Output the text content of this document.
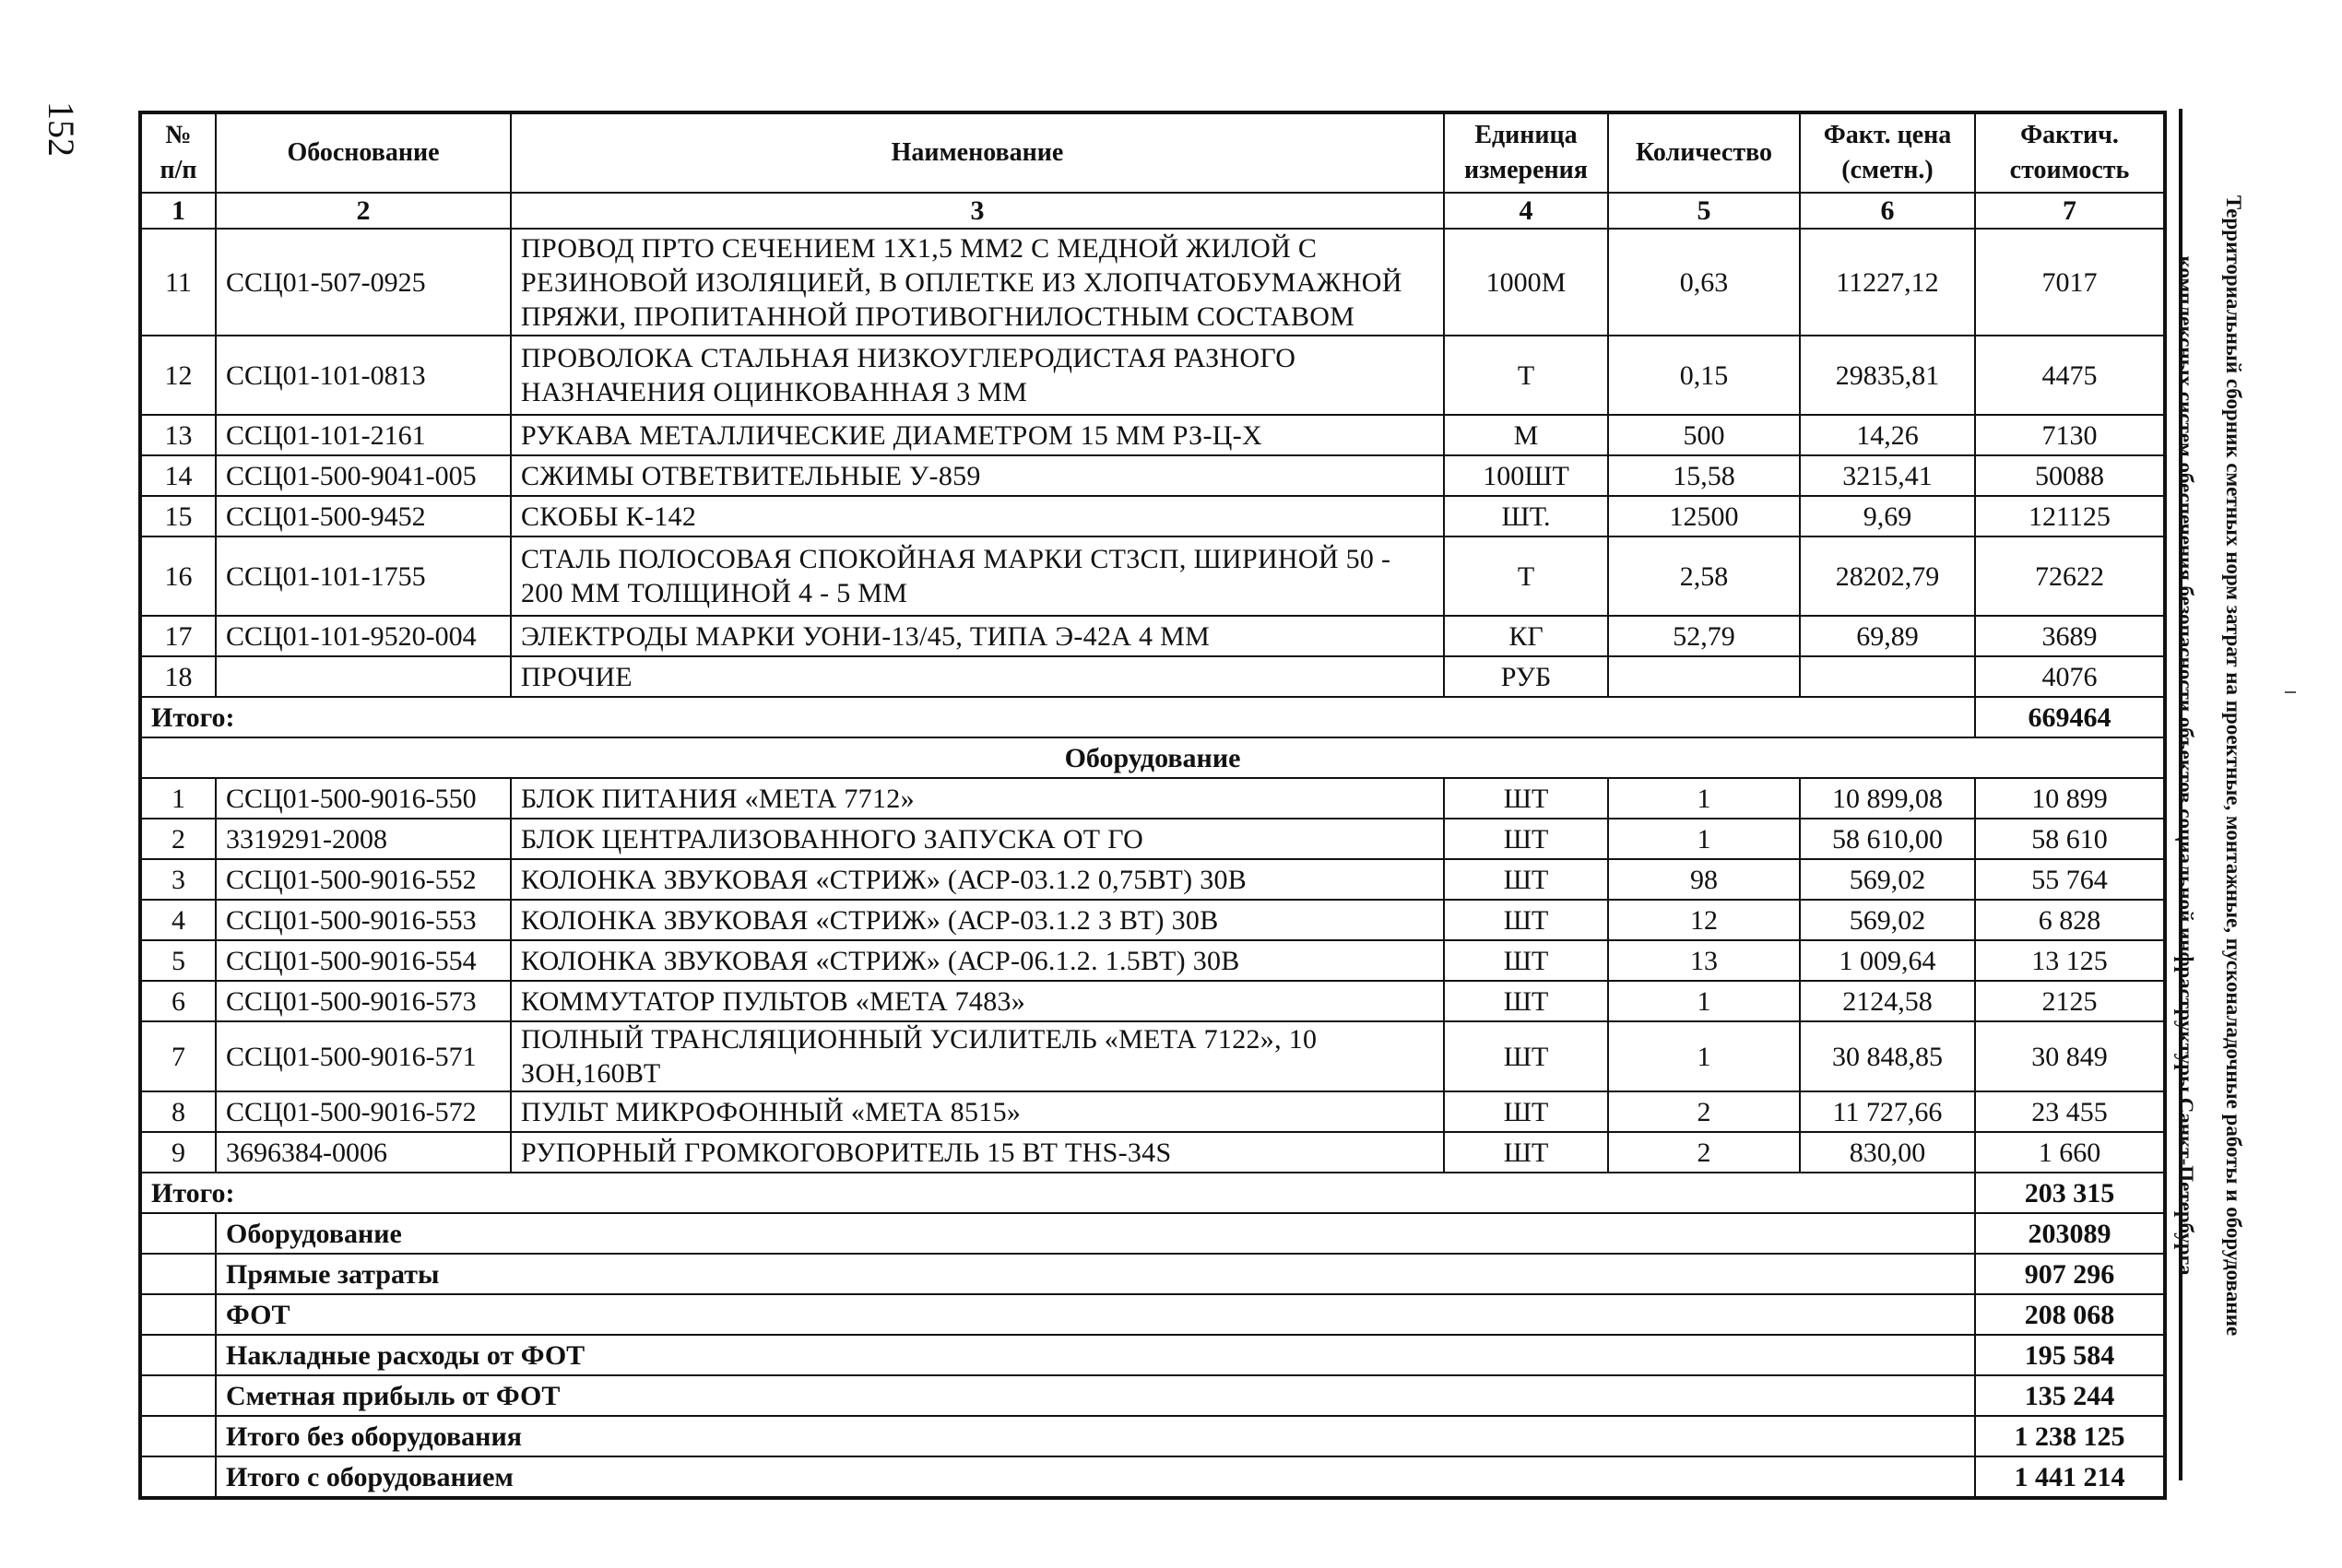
152
Территориальный сборник сметных норм затрат на проектные, монтажные, пусконаладочные работы и оборудование
комплексных систем обеспечения безопасности объектов социальной инфраструктуры Санкт-Петербурга
№ п/п	Обоснование	Наименование	Единица измерения	Количество	Факт. цена (сметн.)	Фактич. стоимость
1	2	3	4	5	6	7
11	ССЦ01-507-0925	ПРОВОД ПРТО СЕЧЕНИЕМ 1Х1,5 ММ2 С МЕДНОЙ ЖИЛОЙ С РЕЗИНОВОЙ ИЗОЛЯЦИЕЙ, В ОПЛЕТКЕ ИЗ ХЛОПЧАТОБУМАЖНОЙ ПРЯЖИ, ПРОПИТАННОЙ ПРОТИВОГНИЛОСТНЫМ СОСТАВОМ	1000М	0,63	11227,12	7017
12	ССЦ01-101-0813	ПРОВОЛОКА СТАЛЬНАЯ НИЗКОУГЛЕРОДИСТАЯ РАЗНОГО НАЗНАЧЕНИЯ ОЦИНКОВАННАЯ 3 ММ	Т	0,15	29835,81	4475
13	ССЦ01-101-2161	РУКАВА МЕТАЛЛИЧЕСКИЕ ДИАМЕТРОМ 15 ММ РЗ-Ц-Х	М	500	14,26	7130
14	ССЦ01-500-9041-005	СЖИМЫ ОТВЕТВИТЕЛЬНЫЕ У-859	100ШТ	15,58	3215,41	50088
15	ССЦ01-500-9452	СКОБЫ К-142	ШТ.	12500	9,69	121125
16	ССЦ01-101-1755	СТАЛЬ ПОЛОСОВАЯ СПОКОЙНАЯ МАРКИ СТ3СП, ШИРИНОЙ 50 - 200 ММ ТОЛЩИНОЙ 4 - 5 ММ	Т	2,58	28202,79	72622
17	ССЦ01-101-9520-004	ЭЛЕКТРОДЫ МАРКИ УОНИ-13/45, ТИПА Э-42А 4 ММ	КГ	52,79	69,89	3689
18		ПРОЧИЕ	РУБ			4076
Итого:						669464
Оборудование						
1	ССЦ01-500-9016-550	БЛОК ПИТАНИЯ «МЕТА 7712»	ШТ	1	10 899,08	10 899
2	3319291-2008	БЛОК ЦЕНТРАЛИЗОВАННОГО ЗАПУСКА ОТ ГО	ШТ	1	58 610,00	58 610
3	ССЦ01-500-9016-552	КОЛОНКА ЗВУКОВАЯ «СТРИЖ» (АСР-03.1.2 0,75ВТ) 30В	ШТ	98	569,02	55 764
4	ССЦ01-500-9016-553	КОЛОНКА ЗВУКОВАЯ «СТРИЖ» (АСР-03.1.2 3 ВТ) 30В	ШТ	12	569,02	6 828
5	ССЦ01-500-9016-554	КОЛОНКА ЗВУКОВАЯ «СТРИЖ» (АСР-06.1.2. 1.5ВТ) 30В	ШТ	13	1 009,64	13 125
6	ССЦ01-500-9016-573	КОММУТАТОР ПУЛЬТОВ «МЕТА 7483»	ШТ	1	2124,58	2125
7	ССЦ01-500-9016-571	ПОЛНЫЙ ТРАНСЛЯЦИОННЫЙ УСИЛИТЕЛЬ «МЕТА 7122», 10 ЗОН,160ВТ	ШТ	1	30 848,85	30 849
8	ССЦ01-500-9016-572	ПУЛЬТ МИКРОФОННЫЙ «МЕТА 8515»	ШТ	2	11 727,66	23 455
9	3696384-0006	РУПОРНЫЙ ГРОМКОГОВОРИТЕЛЬ 15 ВТ THS-34S	ШТ	2	830,00	1 660
Итого:						203 315
	Оборудование					203089
	Прямые затраты					907 296
	ФОТ					208 068
	Накладные расходы от ФОТ					195 584
	Сметная прибыль от ФОТ					135 244
	Итого без оборудования					1 238 125
	Итого с оборудованием					1 441 214
